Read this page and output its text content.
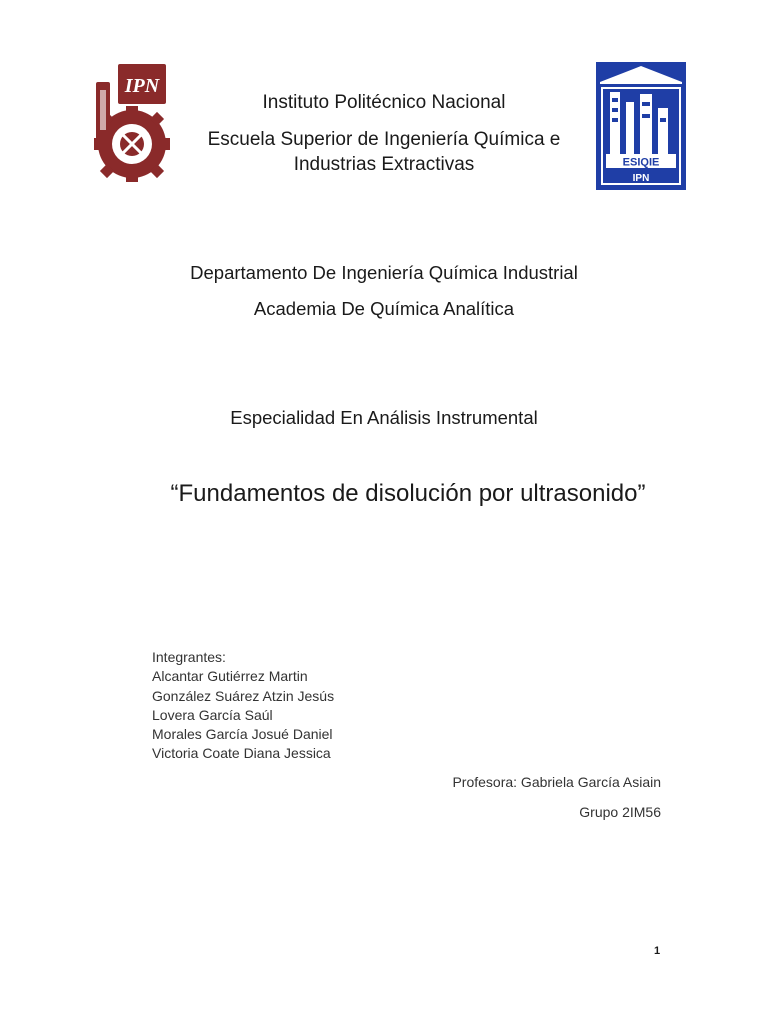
IPN
ESIQIE
IPN
Instituto Politécnico Nacional
Escuela Superior de Ingeniería Química e
Industrias Extractivas
Departamento De Ingeniería Química Industrial
Academia De Química Analítica
Especialidad En Análisis Instrumental
“Fundamentos de disolución por ultrasonido”
Integrantes:
Alcantar Gutiérrez Martin
González Suárez Atzin Jesús
Lovera García Saúl
Morales García Josué Daniel
Victoria Coate Diana Jessica
Profesora: Gabriela García Asiain
Grupo 2IM56
1
